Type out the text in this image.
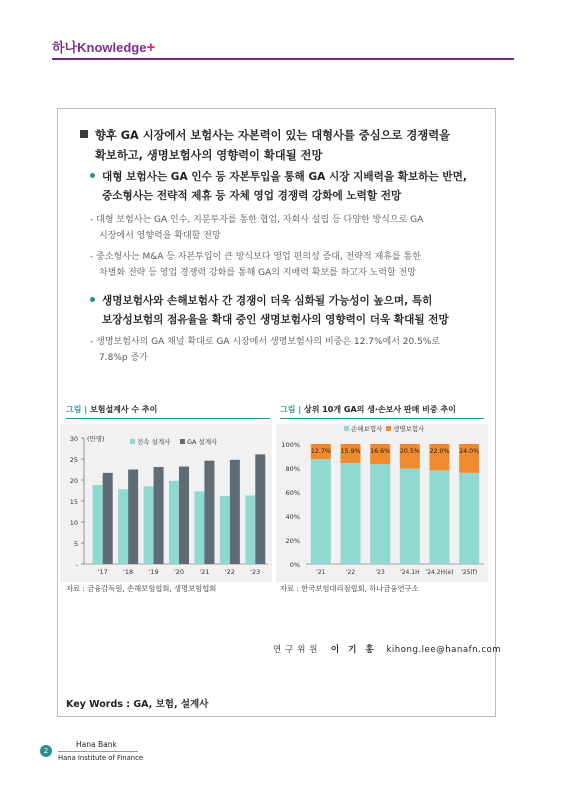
하나Knowledge+
향후 GA 시장에서 보험사는 자본력이 있는 대형사를 중심으로 경쟁력을
확보하고, 생명보험사의 영향력이 확대될 전망
대형 보험사는 GA 인수 등 자본투입을 통해 GA 시장 지배력을 확보하는 반면,
중소형사는 전략적 제휴 등 자체 영업 경쟁력 강화에 노력할 전망
- 대형 보험사는 GA 인수, 지분투자를 통한 협업, 자회사 설립 등 다양한 방식으로 GA
시장에서 영향력을 확대할 전망
- 중소형사는 M&A 등 자본투입이 큰 방식보다 영업 편의성 증대, 전략적 제휴를 통한
차별화 전략 등 영업 경쟁력 강화를 통해 GA의 지배력 확보를 하고자 노력할 전망
생명보험사와 손해보험사 간 경쟁이 더욱 심화될 가능성이 높으며, 특히
보장성보험의 점유율을 확대 중인 생명보험사의 영향력이 더욱 확대될 전망
- 생명보험사의 GA 채널 확대로 GA 시장에서 생명보험사의 비중은 12.7%에서 20.5%로
7.8%p 증가
그림 | 보험설계사 수 추이	그림 | 상위 10개 GA의 생·손보사 판매 비중 추이
30
25
20
15
10
5
-
(만명)	전속 설계사	GA 설계사
'17 '18 '19 '20 '21 '22 '23
100%
80%
60%
40%
20%
0%
손해보험사 생명보험사
12.7%
'21
15.9%
'22
16.6%
'23
20.5%
'24.1H
22.0%
'24.2H(e)
24.0%
'25(f)
자료 : 금융감독원, 손해보험협회, 생명보험협회	자료 : 한국보험대리점협회, 하나금융연구소
연 구 위 원 이 기 홍 kihong.lee@hanafn.com
Key Words : GA, 보험, 설계사
2
Hana Bank
Hana Institute of Finance
